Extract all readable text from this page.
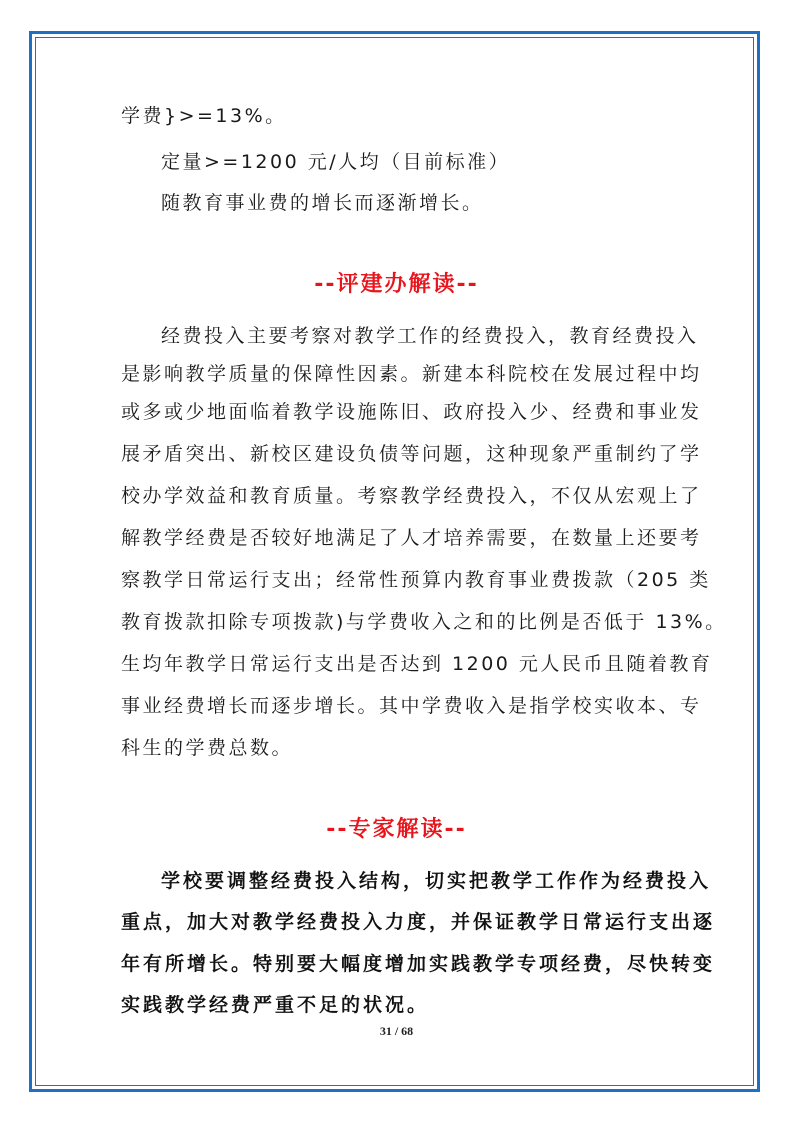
学费}>=13%。
定量>=1200 元/人均（目前标准）
随教育事业费的增长而逐渐增长。
--评建办解读--
经费投入主要考察对教学工作的经费投入，教育经费投入
是影响教学质量的保障性因素。新建本科院校在发展过程中均
或多或少地面临着教学设施陈旧、政府投入少、经费和事业发
展矛盾突出、新校区建设负债等问题，这种现象严重制约了学
校办学效益和教育质量。考察教学经费投入，不仅从宏观上了
解教学经费是否较好地满足了人才培养需要，在数量上还要考
察教学日常运行支出；经常性预算内教育事业费拨款（205 类
教育拨款扣除专项拨款)与学费收入之和的比例是否低于 13%。
生均年教学日常运行支出是否达到 1200 元人民币且随着教育
事业经费增长而逐步增长。其中学费收入是指学校实收本、专
科生的学费总数。
--专家解读--
学校要调整经费投入结构，切实把教学工作作为经费投入
重点，加大对教学经费投入力度，并保证教学日常运行支出逐
年有所增长。特别要大幅度增加实践教学专项经费，尽快转变
实践教学经费严重不足的状况。
31 / 68
